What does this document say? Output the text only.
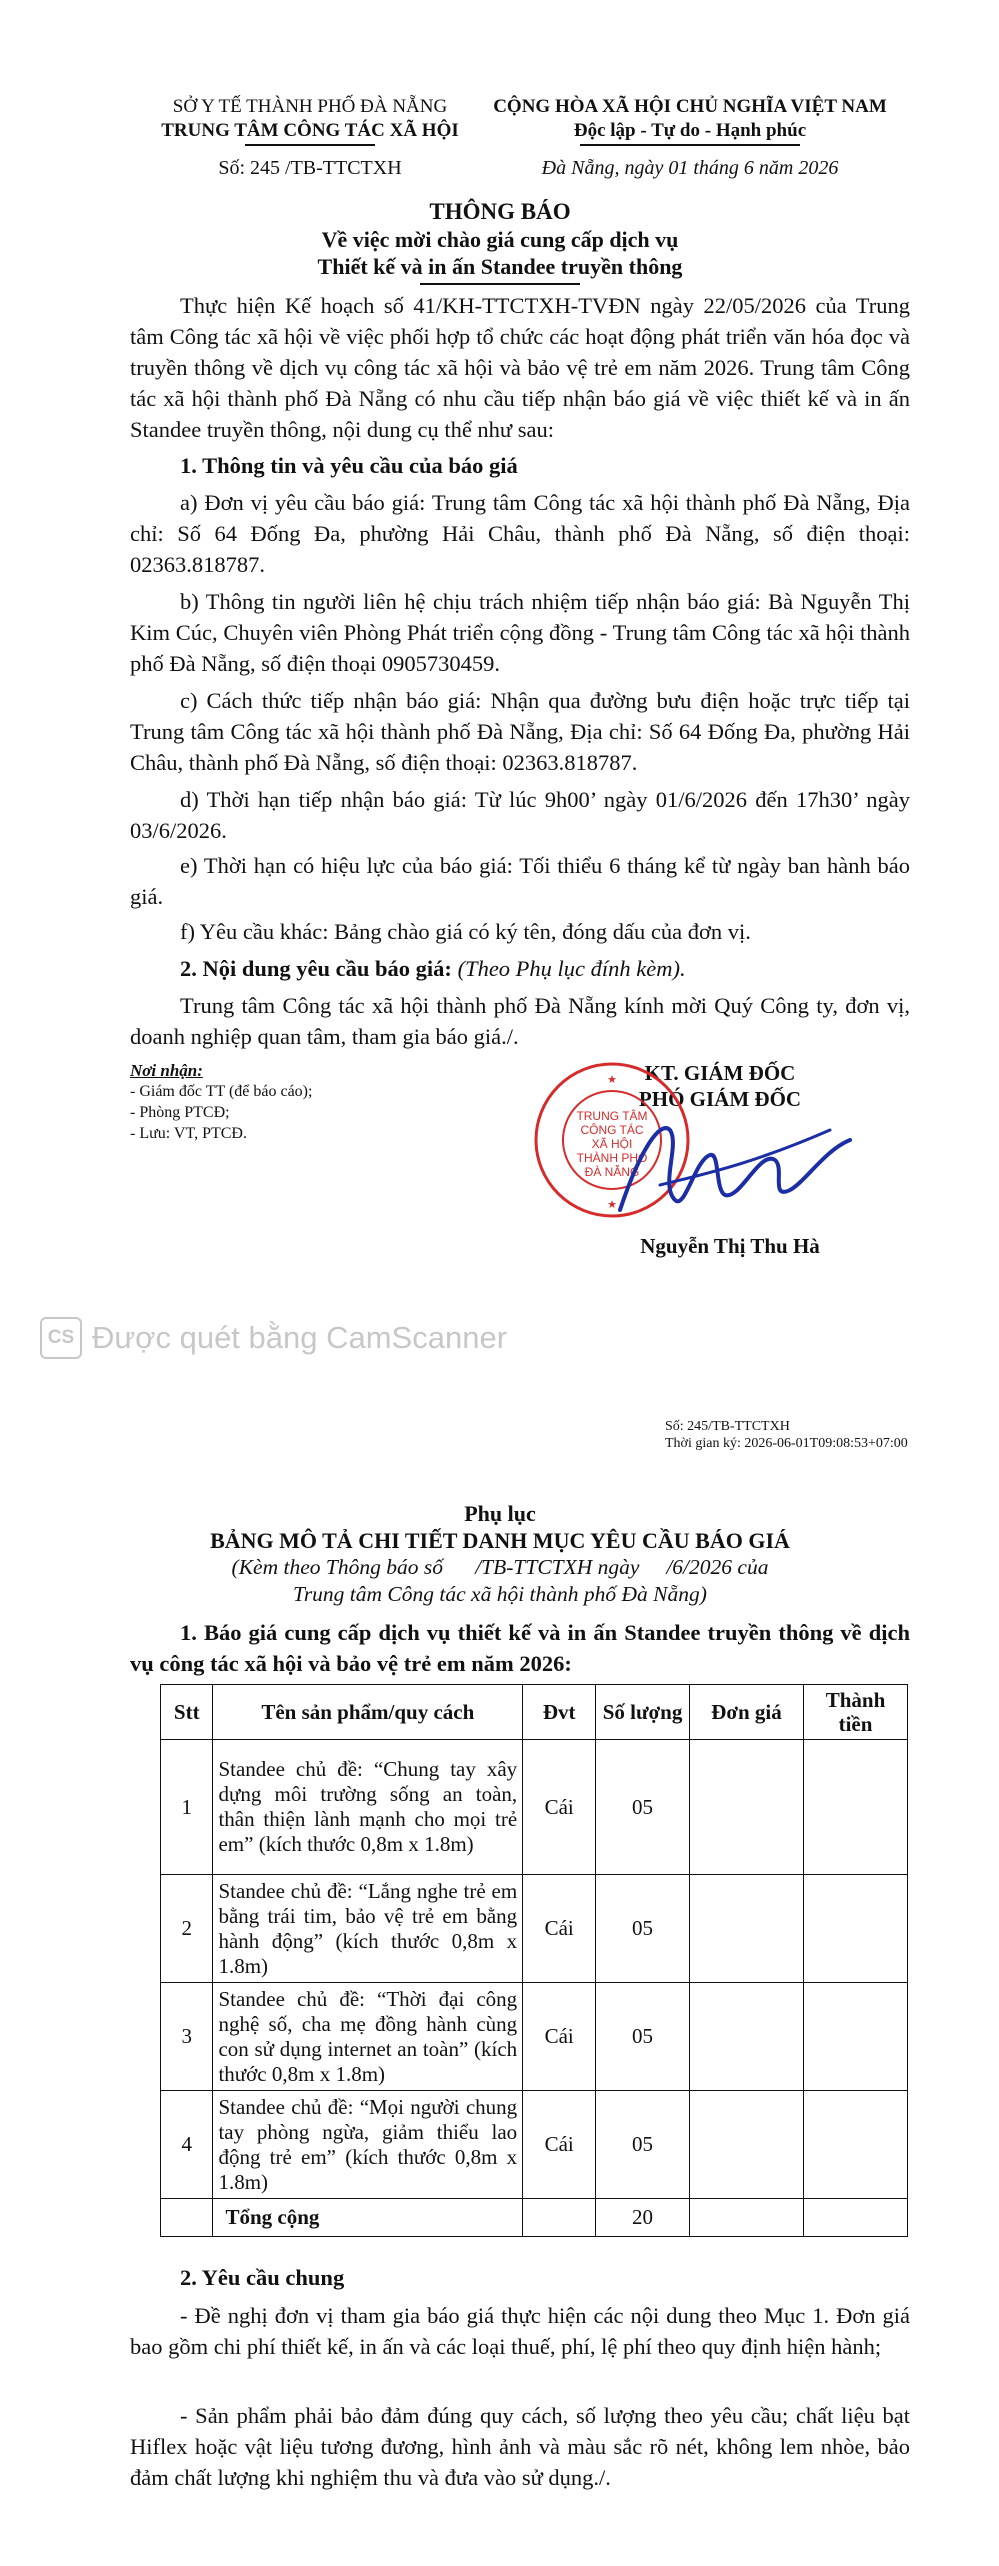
SỞ Y TẾ THÀNH PHỐ ĐÀ NẴNG
TRUNG TÂM CÔNG TÁC XÃ HỘI
Số: 245 /TB-TTCTXH
CỘNG HÒA XÃ HỘI CHỦ NGHĨA VIỆT NAM
Độc lập - Tự do - Hạnh phúc
Đà Nẵng, ngày 01 tháng 6 năm 2026
THÔNG BÁO
Về việc mời chào giá cung cấp dịch vụ
Thiết kế và in ấn Standee truyền thông
Thực hiện Kế hoạch số 41/KH-TTCTXH-TVĐN ngày 22/05/2026 của Trung tâm Công tác xã hội về việc phối hợp tổ chức các hoạt động phát triển văn hóa đọc và truyền thông về dịch vụ công tác xã hội và bảo vệ trẻ em năm 2026. Trung tâm Công tác xã hội thành phố Đà Nẵng có nhu cầu tiếp nhận báo giá về việc thiết kế và in ấn Standee truyền thông, nội dung cụ thể như sau:
1. Thông tin và yêu cầu của báo giá
a) Đơn vị yêu cầu báo giá: Trung tâm Công tác xã hội thành phố Đà Nẵng, Địa chỉ: Số 64 Đống Đa, phường Hải Châu, thành phố Đà Nẵng, số điện thoại: 02363.818787.
b) Thông tin người liên hệ chịu trách nhiệm tiếp nhận báo giá: Bà Nguyễn Thị Kim Cúc, Chuyên viên Phòng Phát triển cộng đồng - Trung tâm Công tác xã hội thành phố Đà Nẵng, số điện thoại 0905730459.
c) Cách thức tiếp nhận báo giá: Nhận qua đường bưu điện hoặc trực tiếp tại Trung tâm Công tác xã hội thành phố Đà Nẵng, Địa chỉ: Số 64 Đống Đa, phường Hải Châu, thành phố Đà Nẵng, số điện thoại: 02363.818787.
d) Thời hạn tiếp nhận báo giá: Từ lúc 9h00’ ngày 01/6/2026 đến 17h30’ ngày 03/6/2026.
e) Thời hạn có hiệu lực của báo giá: Tối thiểu 6 tháng kể từ ngày ban hành báo giá.
f) Yêu cầu khác: Bảng chào giá có ký tên, đóng dấu của đơn vị.
2. Nội dung yêu cầu báo giá: (Theo Phụ lục đính kèm).
Trung tâm Công tác xã hội thành phố Đà Nẵng kính mời Quý Công ty, đơn vị, doanh nghiệp quan tâm, tham gia báo giá./.
Nơi nhận:
- Giám đốc TT (để báo cáo);
- Phòng PTCĐ;
- Lưu: VT, PTCĐ.
KT. GIÁM ĐỐC
PHÓ GIÁM ĐỐC
★
★
TRUNG TÂM
CÔNG TÁC
XÃ HỘI
THÀNH PHỐ
ĐÀ NẴNG
Nguyễn Thị Thu Hà
CS Được quét bằng CamScanner
Số: 245/TB-TTCTXH
Thời gian ký: 2026-06-01T09:08:53+07:00
Phụ lục
BẢNG MÔ TẢ CHI TIẾT DANH MỤC YÊU CẦU BÁO GIÁ
(Kèm theo Thông báo số      /TB-TTCTXH ngày     /6/2026 của
Trung tâm Công tác xã hội thành phố Đà Nẵng)
1. Báo giá cung cấp dịch vụ thiết kế và in ấn Standee truyền thông về dịch vụ công tác xã hội và bảo vệ trẻ em năm 2026:
Stt	Tên sản phẩm/quy cách	Đvt	Số lượng	Đơn giá	Thành tiền
1	Standee chủ đề: “Chung tay xây dựng môi trường sống an toàn, thân thiện lành mạnh cho mọi trẻ em” (kích thước 0,8m x 1.8m)	Cái	05		
2	Standee chủ đề: “Lắng nghe trẻ em bằng trái tim, bảo vệ trẻ em bằng hành động” (kích thước 0,8m x 1.8m)	Cái	05		
3	Standee chủ đề: “Thời đại công nghệ số, cha mẹ đồng hành cùng con sử dụng internet an toàn” (kích thước 0,8m x 1.8m)	Cái	05		
4	Standee chủ đề: “Mọi người chung tay phòng ngừa, giảm thiểu lao động trẻ em” (kích thước 0,8m x 1.8m)	Cái	05		
	Tổng cộng		20		
2. Yêu cầu chung
- Đề nghị đơn vị tham gia báo giá thực hiện các nội dung theo Mục 1. Đơn giá bao gồm chi phí thiết kế, in ấn và các loại thuế, phí, lệ phí theo quy định hiện hành;
- Sản phẩm phải bảo đảm đúng quy cách, số lượng theo yêu cầu; chất liệu bạt Hiflex hoặc vật liệu tương đương, hình ảnh và màu sắc rõ nét, không lem nhòe, bảo đảm chất lượng khi nghiệm thu và đưa vào sử dụng./.
